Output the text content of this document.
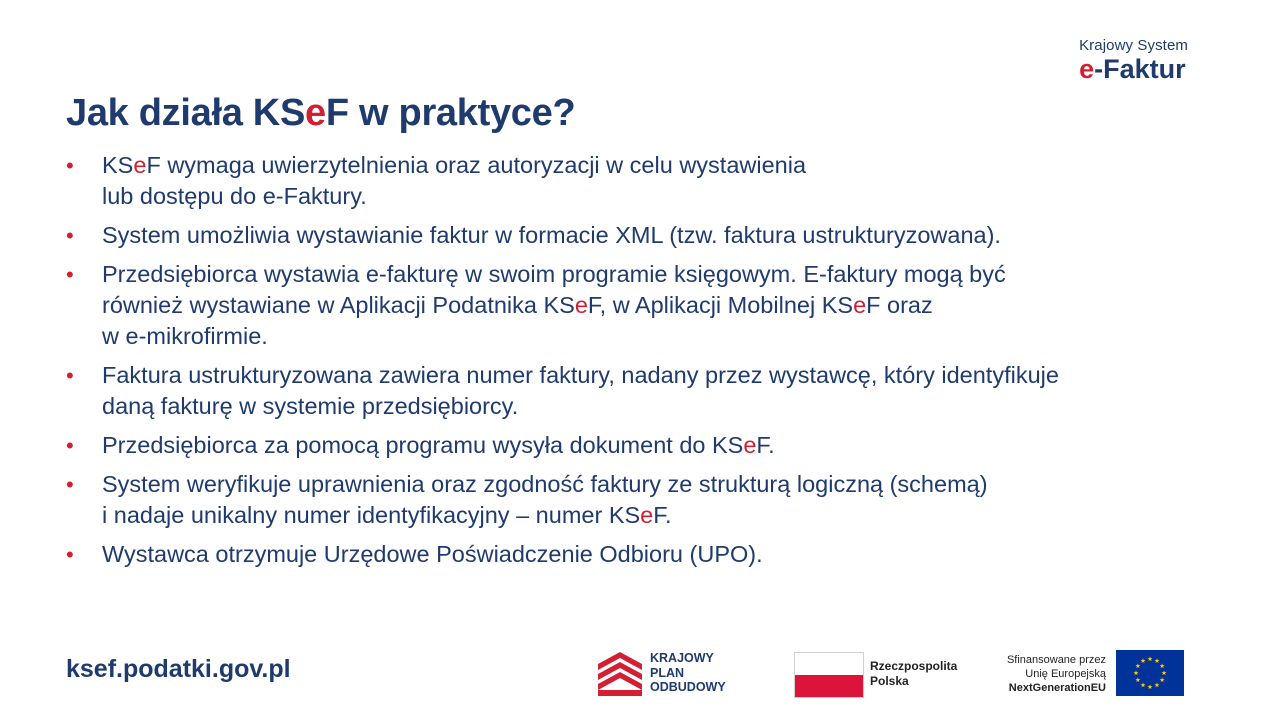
Krajowy System
e-Faktur
Jak działa KSeF w praktyce?
• KSeF wymaga uwierzytelnienia oraz autoryzacji w celu wystawienia
lub dostępu do e-Faktury.
• System umożliwia wystawianie faktur w formacie XML (tzw. faktura ustrukturyzowana).
• Przedsiębiorca wystawia e-fakturę w swoim programie księgowym. E-faktury mogą być
również wystawiane w Aplikacji Podatnika KSeF, w Aplikacji Mobilnej KSeF oraz
w e-mikrofirmie.
• Faktura ustrukturyzowana zawiera numer faktury, nadany przez wystawcę, który identyfikuje
daną fakturę w systemie przedsiębiorcy.
• Przedsiębiorca za pomocą programu wysyła dokument do KSeF.
• System weryfikuje uprawnienia oraz zgodność faktury ze strukturą logiczną (schemą)
i nadaje unikalny numer identyfikacyjny – numer KSeF.
• Wystawca otrzymuje Urzędowe Poświadczenie Odbioru (UPO).
ksef.podatki.gov.pl	KRAJOWY
PLAN
ODBUDOWY
Rzeczpospolita
Polska
Sfinansowane przez
Unię Europejską
NextGenerationEU
